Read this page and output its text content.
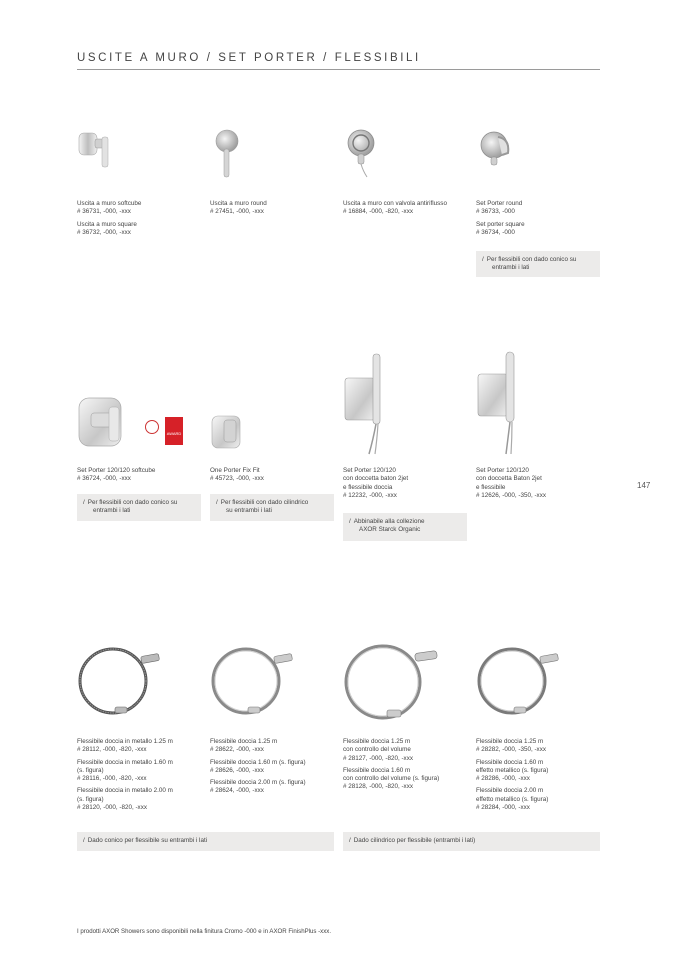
USCITE A MURO / SET PORTER / FLESSIBILI
147
Uscita a muro softcube
# 36731, -000, -xxx
Uscita a muro square
# 36732, -000, -xxx
Uscita a muro round
# 27451, -000, -xxx
Uscita a muro con valvola antiriflusso
# 16884, -000, -820, -xxx
Set Porter round
# 36733, -000
Set porter square
# 36734, -000
/ Per flessibili con dado conico su
entrambi i lati
AWARD
Set Porter 120/120 softcube
# 36724, -000, -xxx
/ Per flessibili con dado conico su
entrambi i lati
One Porter Fix Fit
# 45723, -000, -xxx
/ Per flessibili con dado cilindrico
su entrambi i lati
Set Porter 120/120
con doccetta baton 2jet
e flessibile doccia
# 12232, -000, -xxx
/ Abbinabile alla collezione
AXOR Starck Organic
Set Porter 120/120
con doccetta Baton 2jet
e flessibile
# 12626, -000, -350, -xxx
Flessibile doccia in metallo 1.25 m
# 28112, -000, -820, -xxx
Flessibile doccia in metallo 1.60 m
(s. figura)
# 28116, -000, -820, -xxx
Flessibile doccia in metallo 2.00 m
(s. figura)
# 28120, -000, -820, -xxx
Flessibile doccia 1.25 m
# 28622, -000, -xxx
Flessibile doccia 1.60 m (s. figura)
# 28626, -000, -xxx
Flessibile doccia 2.00 m (s. figura)
# 28624, -000, -xxx
Flessibile doccia 1.25 m
con controllo del volume
# 28127, -000, -820, -xxx
Flessibile doccia 1.60 m
con controllo del volume (s. figura)
# 28128, -000, -820, -xxx
Flessibile doccia 1.25 m
# 28282, -000, -350, -xxx
Flessibile doccia 1.60 m
effetto metallico (s. figura)
# 28286, -000, -xxx
Flessibile doccia 2.00 m
effetto metallico (s. figura)
# 28284, -000, -xxx
/ Dado conico per flessibile su entrambi i lati	/ Dado cilindrico per flessibile (entrambi i lati)
I prodotti AXOR Showers sono disponibili nella finitura Cromo -000 e in AXOR FinishPlus -xxx.
